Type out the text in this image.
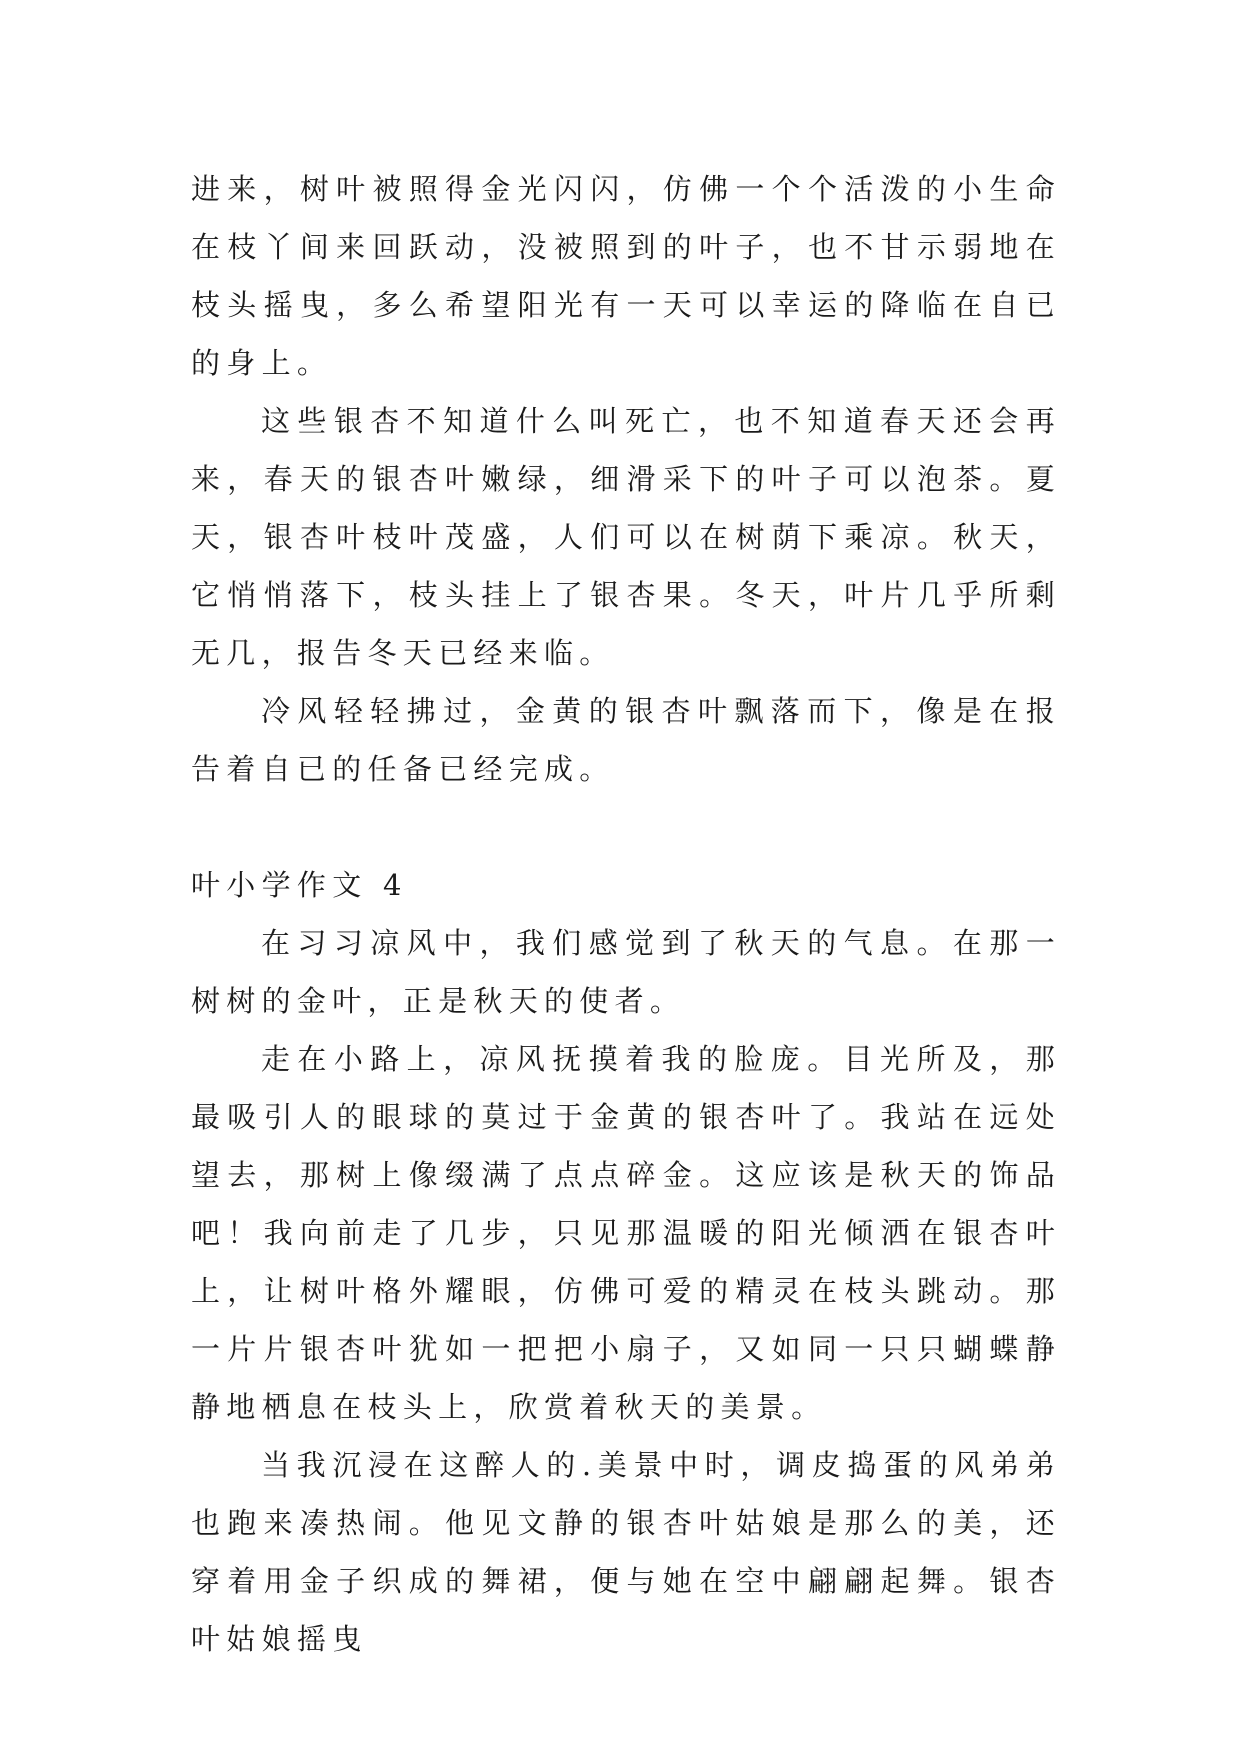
进来，树叶被照得金光闪闪，仿佛一个个活泼的小生命在枝丫间来回跃动，没被照到的叶子，也不甘示弱地在枝头摇曳，多么希望阳光有一天可以幸运的降临在自已的身上。

这些银杏不知道什么叫死亡，也不知道春天还会再来，春天的银杏叶嫩绿，细滑采下的叶子可以泡茶。夏天，银杏叶枝叶茂盛，人们可以在树荫下乘凉。秋天，它悄悄落下，枝头挂上了银杏果。冬天，叶片几乎所剩无几，报告冬天已经来临。

冷风轻轻拂过，金黄的银杏叶飘落而下，像是在报告着自已的任备已经完成。

叶小学作文 4

在习习凉风中，我们感觉到了秋天的气息。在那一树树的金叶，正是秋天的使者。

走在小路上，凉风抚摸着我的脸庞。目光所及，那最吸引人的眼球的莫过于金黄的银杏叶了。我站在远处望去，那树上像缀满了点点碎金。这应该是秋天的饰品吧！我向前走了几步，只见那温暖的阳光倾洒在银杏叶上，让树叶格外耀眼，仿佛可爱的精灵在枝头跳动。那一片片银杏叶犹如一把把小扇子，又如同一只只蝴蝶静静地栖息在枝头上，欣赏着秋天的美景。

当我沉浸在这醉人的.美景中时，调皮捣蛋的风弟弟也跑来凑热闹。他见文静的银杏叶姑娘是那么的美，还穿着用金子织成的舞裙，便与她在空中翩翩起舞。银杏叶姑娘摇曳
